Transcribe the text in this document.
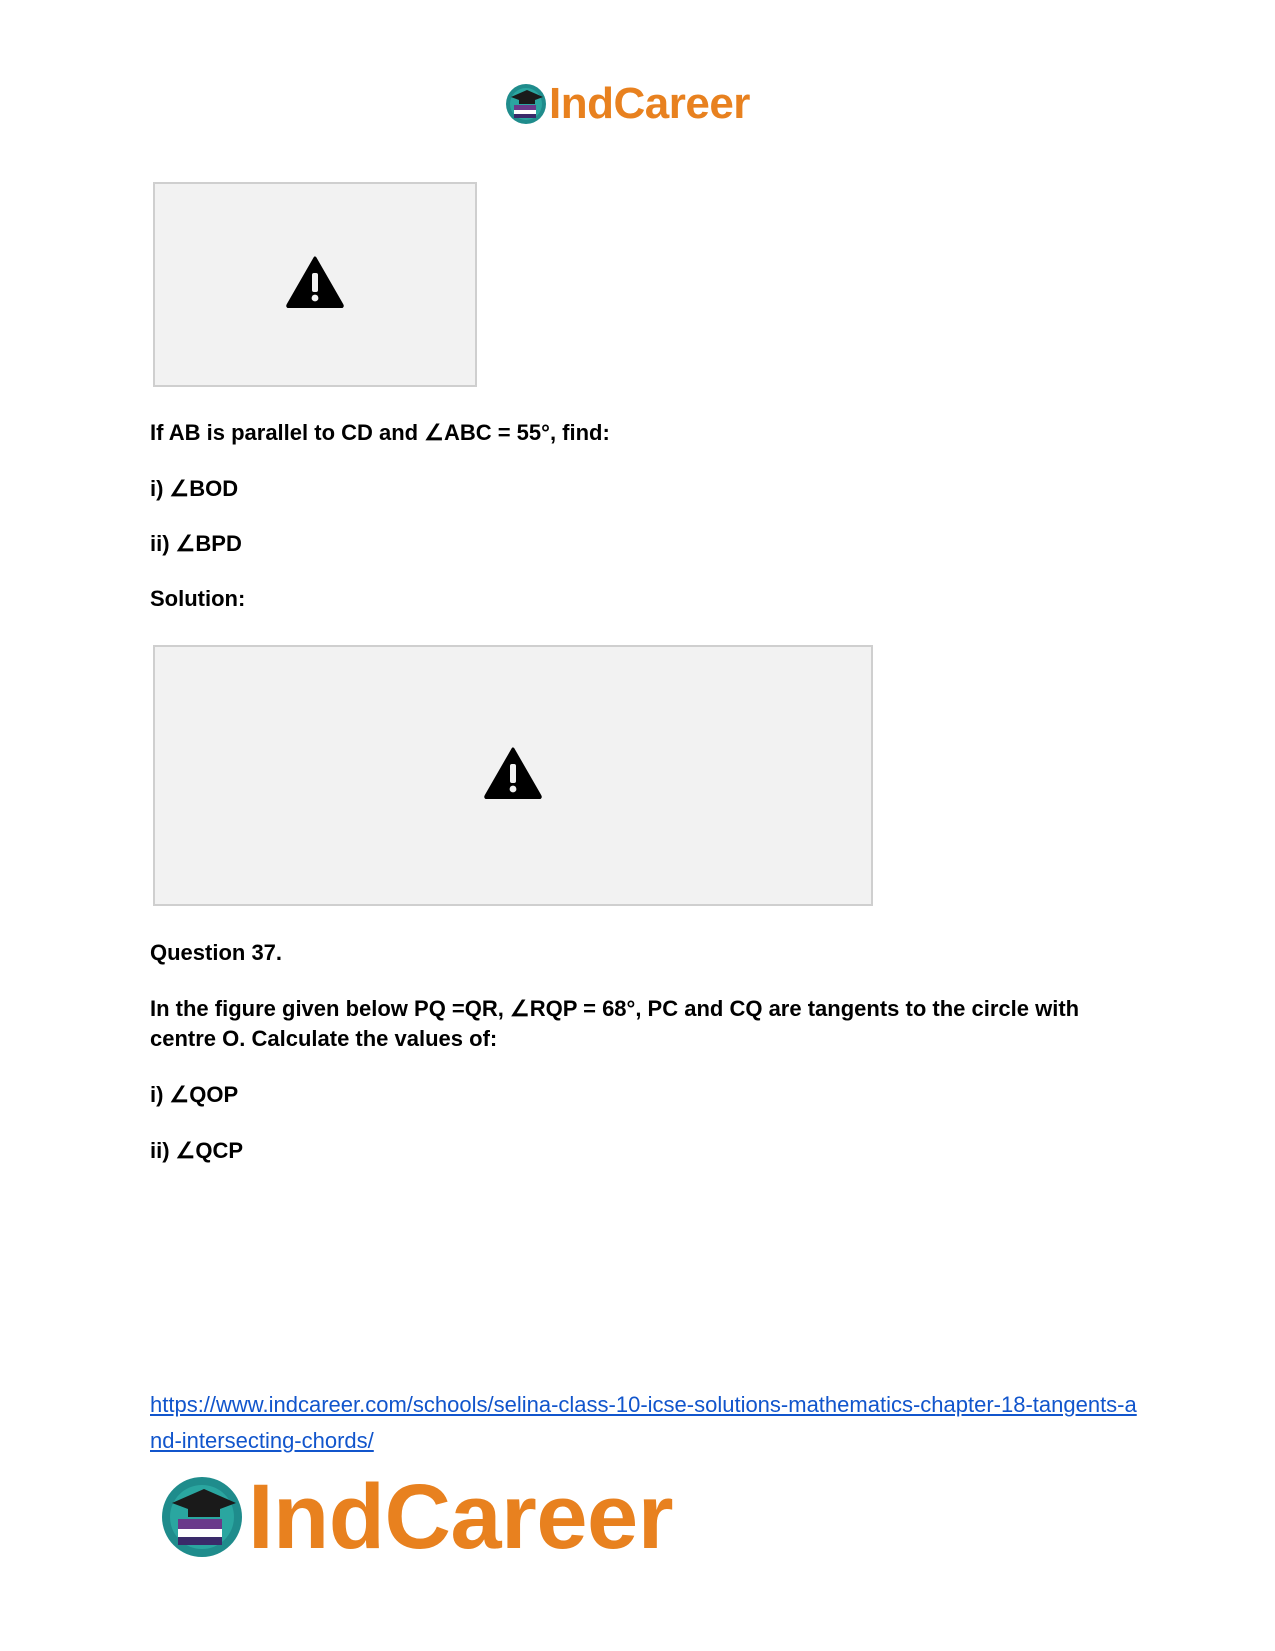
IndCareer
If AB is parallel to CD and ∠ABC = 55°, find:
i) ∠BOD
ii) ∠BPD
Solution:
Question 37.
In the figure given below PQ =QR, ∠RQP = 68°, PC and CQ are tangents to the circle with centre O. Calculate the values of:
i) ∠QOP
ii) ∠QCP
https://www.indcareer.com/schools/selina-class-10-icse-solutions-mathematics-chapter-18-tangents-and-intersecting-chords/
IndCareer
